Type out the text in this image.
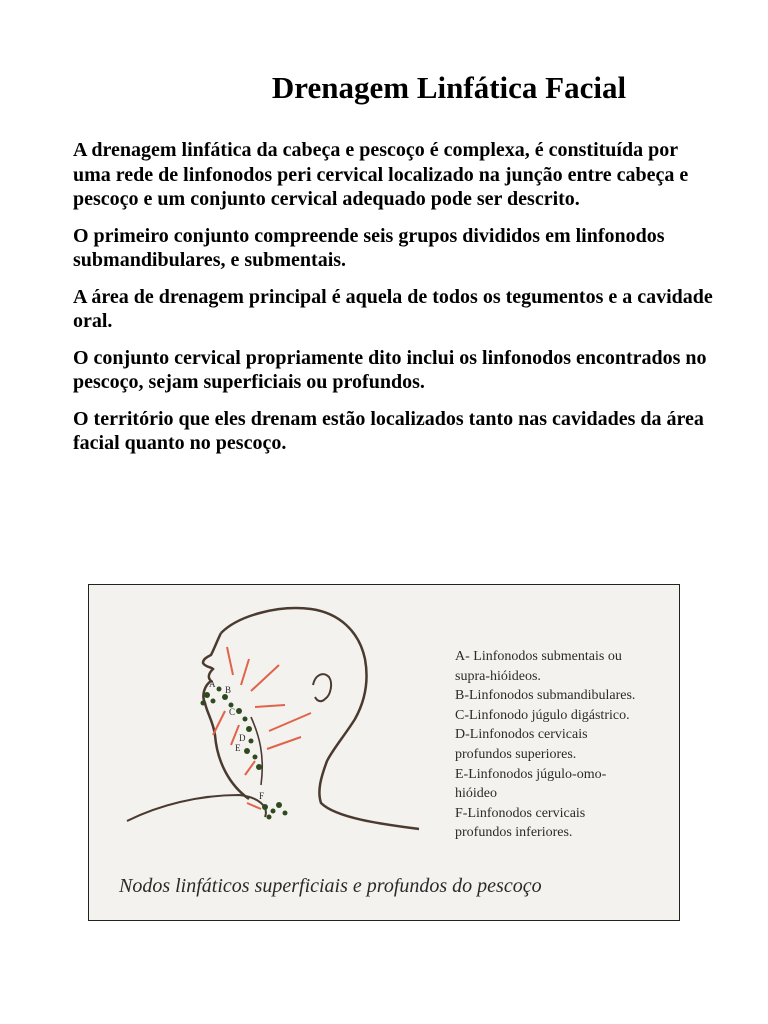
Drenagem Linfática Facial

A drenagem linfática da cabeça e pescoço é complexa, é constituída por uma rede de linfonodos peri cervical localizado na junção entre cabeça e pescoço e um conjunto cervical adequado pode ser descrito.

O primeiro conjunto compreende seis grupos divididos em linfonodos submandibulares, e submentais.

A área de drenagem principal é aquela de todos os tegumentos e a cavidade oral.

O conjunto cervical propriamente dito inclui os linfonodos encontrados no pescoço, sejam superficiais ou profundos.

O território que eles drenam estão localizados tanto nas cavidades da área facial quanto no pescoço.

A
B
C
D
E
F
A- Linfonodos submentais ou
supra-hióideos.
B-Linfonodos submandibulares.
C-Linfonodo júgulo digástrico.
D-Linfonodos cervicais
profundos superiores.
E-Linfonodos júgulo-omo-
hióideo
F-Linfonodos cervicais
profundos inferiores.
Nodos linfáticos superficiais e profundos do pescoço
